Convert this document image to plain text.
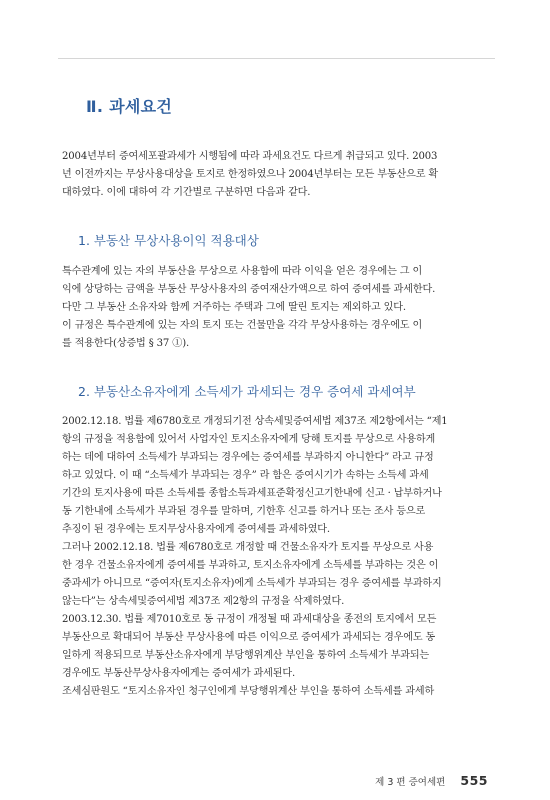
Ⅱ. 과세요건

2004년부터 증여세포괄과세가 시행됨에 따라 과세요건도 다르게 취급되고 있다. 2003
년 이전까지는 무상사용대상을 토지로 한정하였으나 2004년부터는 모든 부동산으로 확
대하였다. 이에 대하여 각 기간별로 구분하면 다음과 같다.

1. 부동산 무상사용이익 적용대상

특수관계에 있는 자의 부동산을 무상으로 사용함에 따라 이익을 얻은 경우에는 그 이
익에 상당하는 금액을 부동산 무상사용자의 증여재산가액으로 하여 증여세를 과세한다.
다만 그 부동산 소유자와 함께 거주하는 주택과 그에 딸린 토지는 제외하고 있다.
이 규정은 특수관계에 있는 자의 토지 또는 건물만을 각각 무상사용하는 경우에도 이
를 적용한다(상증법 § 37 ①).

2. 부동산소유자에게 소득세가 과세되는 경우 증여세 과세여부

2002.12.18. 법률 제6780호로 개정되기전 상속세및증여세법 제37조 제2항에서는 “제1
항의 규정을 적용함에 있어서 사업자인 토지소유자에게 당해 토지를 무상으로 사용하게
하는 데에 대하여 소득세가 부과되는 경우에는 증여세를 부과하지 아니한다” 라고 규정
하고 있었다. 이 때 “소득세가 부과되는 경우” 라 함은 증여시기가 속하는 소득세 과세
기간의 토지사용에 따른 소득세를 종합소득과세표준확정신고기한내에 신고 · 납부하거나
동 기한내에 소득세가 부과된 경우를 말하며, 기한후 신고를 하거나 또는 조사 등으로
추징이 된 경우에는 토지무상사용자에게 증여세를 과세하였다.
그러나 2002.12.18. 법률 제6780호로 개정할 때 건물소유자가 토지를 무상으로 사용
한 경우 건물소유자에게 증여세를 부과하고, 토지소유자에게 소득세를 부과하는 것은 이
중과세가 아니므로 “증여자(토지소유자)에게 소득세가 부과되는 경우 증여세를 부과하지
않는다”는 상속세및증여세법 제37조 제2항의 규정을 삭제하였다.
2003.12.30. 법률 제7010호로 동 규정이 개정될 때 과세대상을 종전의 토지에서 모든
부동산으로 확대되어 부동산 무상사용에 따른 이익으로 증여세가 과세되는 경우에도 동
일하게 적용되므로 부동산소유자에게 부당행위계산 부인을 통하여 소득세가 부과되는
경우에도 부동산무상사용자에게는 증여세가 과세된다.
조세심판원도 “토지소유자인 청구인에게 부당행위계산 부인을 통하여 소득세를 과세하

제 3 편 증여세편 555
